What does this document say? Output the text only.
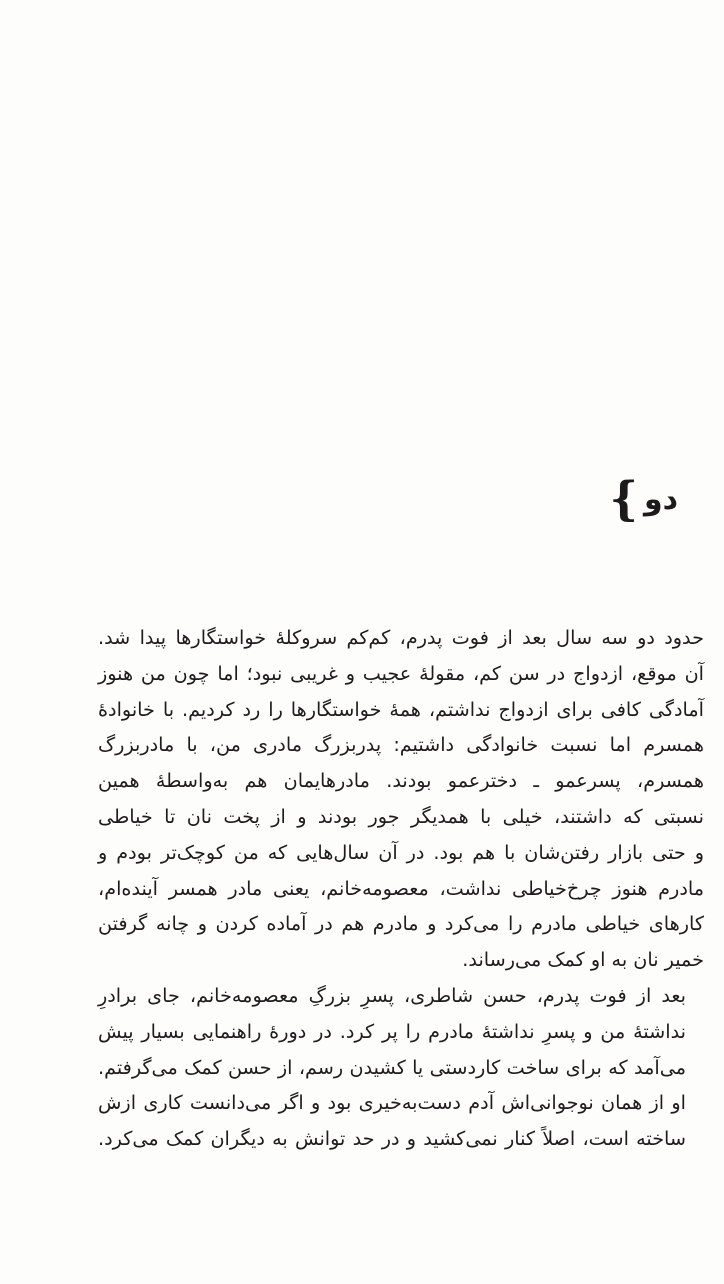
دو
}

حدود دو سه سال بعد از فوت پدرم، کم‌کم سروکلهٔ خواستگارها پیدا شد.
آن موقع، ازدواج در سن کم، مقولهٔ عجیب و غریبی نبود؛ اما چون من هنوز
آمادگی کافی برای ازدواج نداشتم، همهٔ خواستگارها را رد کردیم. با خانوادهٔ
همسرم اما نسبت خانوادگی داشتیم: پدربزرگ مادری من، با مادربزرگ
همسرم، پسرعمو ـ دخترعمو بودند. مادرهایمان هم به‌واسطهٔ همین
نسبتی که داشتند، خیلی با همدیگر جور بودند و از پخت نان تا خیاطی
و حتی بازار رفتن‌شان با هم بود. در آن سال‌هایی که من کوچک‌تر بودم و
مادرم هنوز چرخ‌خیاطی نداشت، معصومه‌خانم، یعنی مادر همسر آینده‌ام،
کارهای خیاطی مادرم را می‌کرد و مادرم هم در آماده کردن و چانه گرفتن
خمیر نان به او کمک می‌رساند.

بعد از فوت پدرم، حسن شاطری، پسرِ بزرگِ معصومه‌خانم، جای برادرِ
نداشتهٔ من و پسرِ نداشتهٔ مادرم را پر کرد. در دورهٔ راهنمایی بسیار پیش
می‌آمد که برای ساخت کاردستی یا کشیدن رسم، از حسن کمک می‌گرفتم.
او از همان نوجوانی‌اش آدم دست‌به‌خیری بود و اگر می‌دانست کاری ازش
ساخته است، اصلاً کنار نمی‌کشید و در حد توانش به دیگران کمک می‌کرد.
